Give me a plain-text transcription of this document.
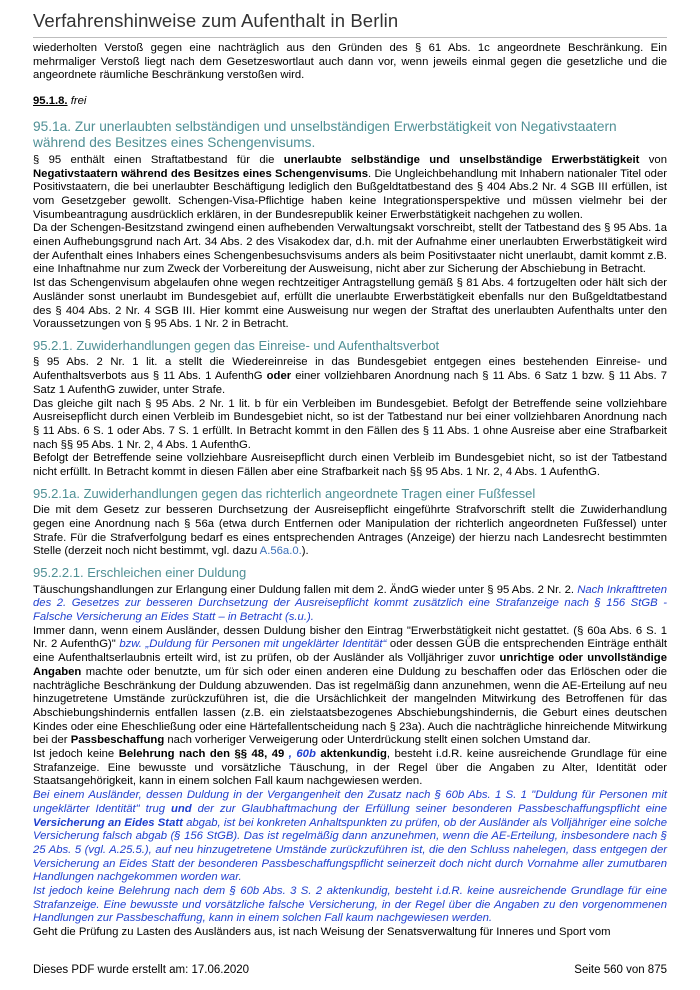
Verfahrenshinweise zum Aufenthalt in Berlin

wiederholten Verstoß gegen eine nachträglich aus den Gründen des § 61 Abs. 1c angeordnete Beschränkung. Ein mehrmaliger Verstoß liegt nach dem Gesetzeswortlaut auch dann vor, wenn jeweils einmal gegen die gesetzliche und die angeordnete räumliche Beschränkung verstoßen wird.

95.1.8. frei

95.1a. Zur unerlaubten selbständigen und unselbständigen Erwerbstätigkeit von Negativstaatern während des Besitzes eines Schengenvisums.

§ 95 enthält einen Straftatbestand für die unerlaubte selbständige und unselbständige Erwerbstätigkeit von Negativstaatern während des Besitzes eines Schengenvisums. Die Ungleichbehandlung mit Inhabern nationaler Titel oder Positivstaatern, die bei unerlaubter Beschäftigung lediglich den Bußgeldtatbestand des § 404 Abs.2 Nr. 4 SGB III erfüllen, ist vom Gesetzgeber gewollt. Schengen-Visa-Pflichtige haben keine Integrationsperspektive und müssen vielmehr bei der Visumbeantragung ausdrücklich erklären, in der Bundesrepublik keiner Erwerbstätigkeit nachgehen zu wollen.

Da der Schengen-Besitzstand zwingend einen aufhebenden Verwaltungsakt vorschreibt, stellt der Tatbestand des § 95 Abs. 1a einen Aufhebungsgrund nach Art. 34 Abs. 2 des Visakodex dar, d.h. mit der Aufnahme einer unerlaubten Erwerbstätigkeit wird der Aufenthalt eines Inhabers eines Schengenbesuchsvisums anders als beim Positivstaater nicht unerlaubt, damit kommt z.B. eine Inhaftnahme nur zum Zweck der Vorbereitung der Ausweisung, nicht aber zur Sicherung der Abschiebung in Betracht.

Ist das Schengenvisum abgelaufen ohne wegen rechtzeitiger Antragstellung gemäß § 81 Abs. 4 fortzugelten oder hält sich der Ausländer sonst unerlaubt im Bundesgebiet auf, erfüllt die unerlaubte Erwerbstätigkeit ebenfalls nur den Bußgeldtatbestand des § 404 Abs. 2 Nr. 4 SGB III. Hier kommt eine Ausweisung nur wegen der Straftat des unerlaubten Aufenthalts unter den Voraussetzungen von § 95 Abs. 1 Nr. 2 in Betracht.

95.2.1. Zuwiderhandlungen gegen das Einreise- und Aufenthaltsverbot

§ 95 Abs. 2 Nr. 1 lit. a stellt die Wiedereinreise in das Bundesgebiet entgegen eines bestehenden Einreise- und Aufenthaltsverbots aus § 11 Abs. 1 AufenthG oder einer vollziehbaren Anordnung nach § 11 Abs. 6 Satz 1 bzw. § 11 Abs. 7 Satz 1 AufenthG zuwider, unter Strafe.

Das gleiche gilt nach § 95 Abs. 2 Nr. 1 lit. b für ein Verbleiben im Bundesgebiet. Befolgt der Betreffende seine vollziehbare Ausreisepflicht durch einen Verbleib im Bundesgebiet nicht, so ist der Tatbestand nur bei einer vollziehbaren Anordnung nach § 11 Abs. 6 S. 1 oder Abs. 7 S. 1 erfüllt. In Betracht kommt in den Fällen des § 11 Abs. 1 ohne Ausreise aber eine Strafbarkeit nach §§ 95 Abs. 1 Nr. 2, 4 Abs. 1 AufenthG.

Befolgt der Betreffende seine vollziehbare Ausreisepflicht durch einen Verbleib im Bundesgebiet nicht, so ist der Tatbestand nicht erfüllt. In Betracht kommt in diesen Fällen aber eine Strafbarkeit nach §§ 95 Abs. 1 Nr. 2, 4 Abs. 1 AufenthG.

95.2.1a. Zuwiderhandlungen gegen das richterlich angeordnete Tragen einer Fußfessel

Die mit dem Gesetz zur besseren Durchsetzung der Ausreisepflicht eingeführte Strafvorschrift stellt die Zuwiderhandlung gegen eine Anordnung nach § 56a (etwa durch Entfernen oder Manipulation der richterlich angeordneten Fußfessel) unter Strafe. Für die Strafverfolgung bedarf es eines entsprechenden Antrages (Anzeige) der hierzu nach Landesrecht bestimmten Stelle (derzeit noch nicht bestimmt, vgl. dazu A.56a.0.).

95.2.2.1. Erschleichen einer Duldung

Täuschungshandlungen zur Erlangung einer Duldung fallen mit dem 2. ÄndG wieder unter § 95 Abs. 2 Nr. 2. Nach Inkrafttreten des 2. Gesetzes zur besseren Durchsetzung der Ausreisepflicht kommt zusätzlich eine Strafanzeige nach § 156 StGB - Falsche Versicherung an Eides Statt – in Betracht (s.u.).

Immer dann, wenn einem Ausländer, dessen Duldung bisher den Eintrag "Erwerbstätigkeit nicht gestattet. (§ 60a Abs. 6 S. 1 Nr. 2 AufenthG)" bzw. „Duldung für Personen mit ungeklärter Identität“ oder dessen GÜB die entsprechenden Einträge enthält eine Aufenthaltserlaubnis erteilt wird, ist zu prüfen, ob der Ausländer als Volljähriger zuvor unrichtige oder unvollständige Angaben machte oder benutzte, um für sich oder einen anderen eine Duldung zu beschaffen oder das Erlöschen oder die nachträgliche Beschränkung der Duldung abzuwenden. Das ist regelmäßig dann anzunehmen, wenn die AE-Erteilung auf neu hinzugetretene Umstände zurückzuführen ist, die die Ursächlichkeit der mangelnden Mitwirkung des Betroffenen für das Abschiebungshindernis entfallen lassen (z.B. ein zielstaatsbezogenes Abschiebungshindernis, die Geburt eines deutschen Kindes oder eine Eheschließung oder eine Härtefallentscheidung nach § 23a). Auch die nachträgliche hinreichende Mitwirkung bei der Passbeschaffung nach vorheriger Verweigerung oder Unterdrückung stellt einen solchen Umstand dar.

Ist jedoch keine Belehrung nach den §§ 48, 49 , 60b aktenkundig, besteht i.d.R. keine ausreichende Grundlage für eine Strafanzeige. Eine bewusste und vorsätzliche Täuschung, in der Regel über die Angaben zu Alter, Identität oder Staatsangehörigkeit, kann in einem solchen Fall kaum nachgewiesen werden.

Bei einem Ausländer, dessen Duldung in der Vergangenheit den Zusatz nach § 60b Abs. 1 S. 1 "Duldung für Personen mit ungeklärter Identität" trug und der zur Glaubhaftmachung der Erfüllung seiner besonderen Passbeschaffungspflicht eine Versicherung an Eides Statt abgab, ist bei konkreten Anhaltspunkten zu prüfen, ob der Ausländer als Volljähriger eine solche Versicherung falsch abgab (§ 156 StGB). Das ist regelmäßig dann anzunehmen, wenn die AE-Erteilung, insbesondere nach § 25 Abs. 5 (vgl. A.25.5.), auf neu hinzugetretene Umstände zurückzuführen ist, die den Schluss nahelegen, dass entgegen der Versicherung an Eides Statt der besonderen Passbeschaffungspflicht seinerzeit doch nicht durch Vornahme aller zumutbaren Handlungen nachgekommen worden war.

Ist jedoch keine Belehrung nach dem § 60b Abs. 3 S. 2 aktenkundig, besteht i.d.R. keine ausreichende Grundlage für eine Strafanzeige. Eine bewusste und vorsätzliche falsche Versicherung, in der Regel über die Angaben zu den vorgenommenen Handlungen zur Passbeschaffung, kann in einem solchen Fall kaum nachgewiesen werden.

Geht die Prüfung zu Lasten des Ausländers aus, ist nach Weisung der Senatsverwaltung für Inneres und Sport vom

Dieses PDF wurde erstellt am: 17.06.2020	Seite 560 von 875
